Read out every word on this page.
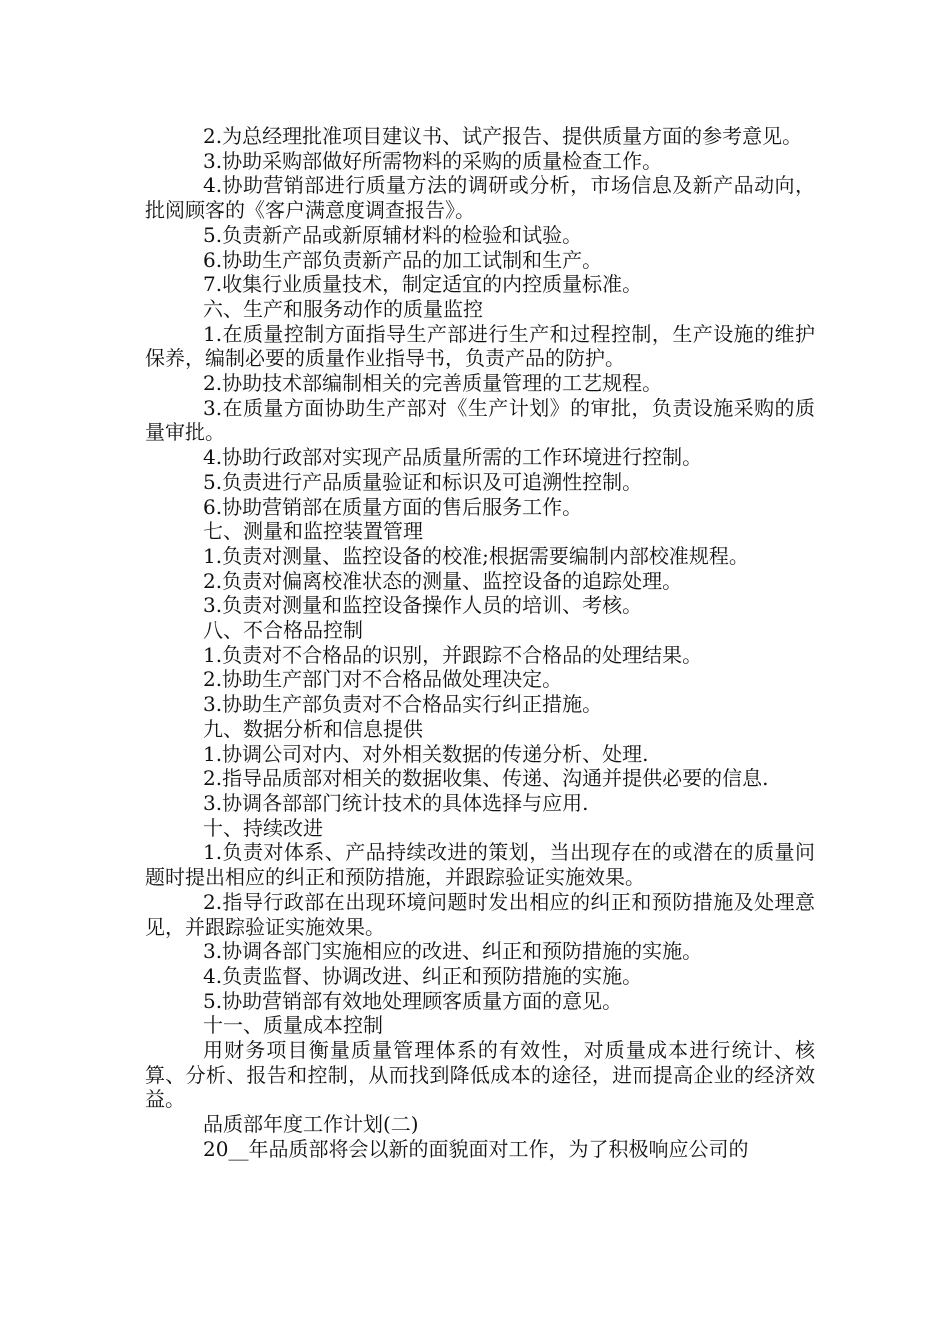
2.为总经理批准项目建议书、试产报告、提供质量方面的参考意见。

3.协助采购部做好所需物料的采购的质量检查工作。

4.协助营销部进行质量方法的调研或分析，市场信息及新产品动向，批阅顾客的《客户满意度调查报告》。

5.负责新产品或新原辅材料的检验和试验。

6.协助生产部负责新产品的加工试制和生产。

7.收集行业质量技术，制定适宜的内控质量标准。

六、生产和服务动作的质量监控

1.在质量控制方面指导生产部进行生产和过程控制，生产设施的维护保养，编制必要的质量作业指导书，负责产品的防护。

2.协助技术部编制相关的完善质量管理的工艺规程。

3.在质量方面协助生产部对《生产计划》的审批，负责设施采购的质量审批。

4.协助行政部对实现产品质量所需的工作环境进行控制。

5.负责进行产品质量验证和标识及可追溯性控制。

6.协助营销部在质量方面的售后服务工作。

七、测量和监控装置管理

1.负责对测量、监控设备的校准;根据需要编制内部校准规程。

2.负责对偏离校准状态的测量、监控设备的追踪处理。

3.负责对测量和监控设备操作人员的培训、考核。

八、不合格品控制

1.负责对不合格品的识别，并跟踪不合格品的处理结果。

2.协助生产部门对不合格品做处理决定。

3.协助生产部负责对不合格品实行纠正措施。

九、数据分析和信息提供

1.协调公司对内、对外相关数据的传递分析、处理.

2.指导品质部对相关的数据收集、传递、沟通并提供必要的信息.

3.协调各部部门统计技术的具体选择与应用.

十、持续改进

1.负责对体系、产品持续改进的策划，当出现存在的或潜在的质量问题时提出相应的纠正和预防措施，并跟踪验证实施效果。

2.指导行政部在出现环境问题时发出相应的纠正和预防措施及处理意见，并跟踪验证实施效果。

3.协调各部门实施相应的改进、纠正和预防措施的实施。

4.负责监督、协调改进、纠正和预防措施的实施。

5.协助营销部有效地处理顾客质量方面的意见。

十一、质量成本控制

用财务项目衡量质量管理体系的有效性，对质量成本进行统计、核算、分析、报告和控制，从而找到降低成本的途径，进而提高企业的经济效益。

品质部年度工作计划(二)

20__年品质部将会以新的面貌面对工作，为了积极响应公司的
